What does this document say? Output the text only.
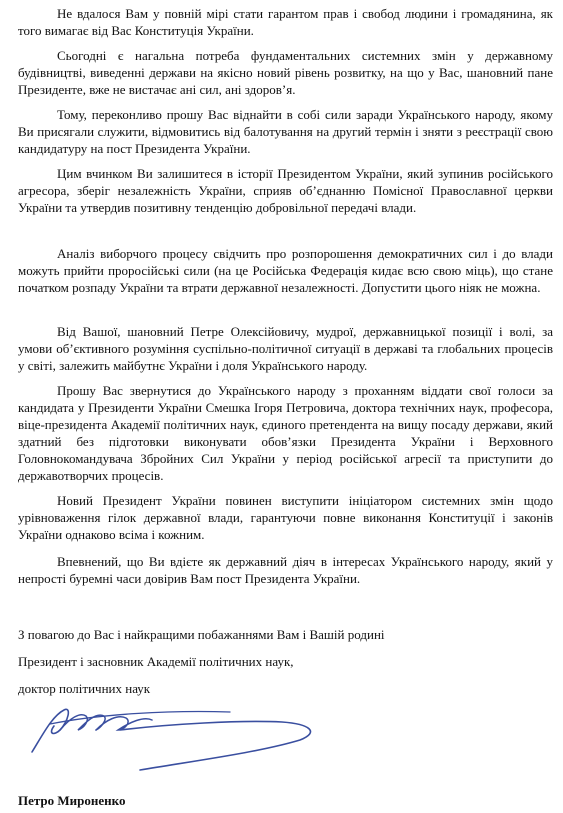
Не вдалося Вам у повній мірі стати гарантом прав і свобод людини і громадянина, як того вимагає від Вас Конституція України.

Сьогодні є нагальна потреба фундаментальних системних змін у державному будівництві, виведенні держави на якісно новий рівень розвитку, на що у Вас, шановний пане Президенте, вже не вистачає ані сил, ані здоров’я.

Тому, переконливо прошу Вас віднайти в собі сили заради Українського народу, якому Ви присягали служити, відмовитись від балотування на другий термін і зняти з реєстрації свою кандидатуру на пост Президента України.

Цим вчинком Ви залишитеся в історії Президентом України, який зупинив російського агресора, зберіг незалежність України, сприяв об’єднанню Помісної Православної церкви України та утвердив позитивну тенденцію добровільної передачі влади.

Аналіз виборчого процесу свідчить про розпорошення демократичних сил і до влади можуть прийти проросійські сили (на це Російська Федерація кидає всю свою міць), що стане початком розпаду України та втрати державної незалежності. Допустити цього ніяк не можна.

Від Вашої, шановний Петре Олексійовичу, мудрої, державницької позиції і волі, за умови об’єктивного розуміння суспільно-політичної ситуації в державі та глобальних процесів у світі, залежить майбутнє України і доля Українського народу.

Прошу Вас звернутися до Українського народу з проханням віддати свої голоси за кандидата у Президенти України Смешка Ігоря Петровича, доктора технічних наук, професора, віце-президента Академії політичних наук, єдиного претендента на вищу посаду держави, який здатний без підготовки виконувати обов’язки Президента України і Верховного Головнокомандувача Збройних Сил України у період російської агресії та приступити до державотворчих процесів.

Новий Президент України повинен виступити ініціатором системних змін щодо урівноваження гілок державної влади, гарантуючи повне виконання Конституції і законів України однаково всіма і кожним.

Впевнений, що Ви вдієте як державний діяч в інтересах Українського народу, який у непрості буремні часи довірив Вам пост Президента України.

З повагою до Вас і найкращими побажаннями Вам і Вашій родині

Президент і засновник Академії політичних наук,

доктор політичних наук

Петро Мироненко
